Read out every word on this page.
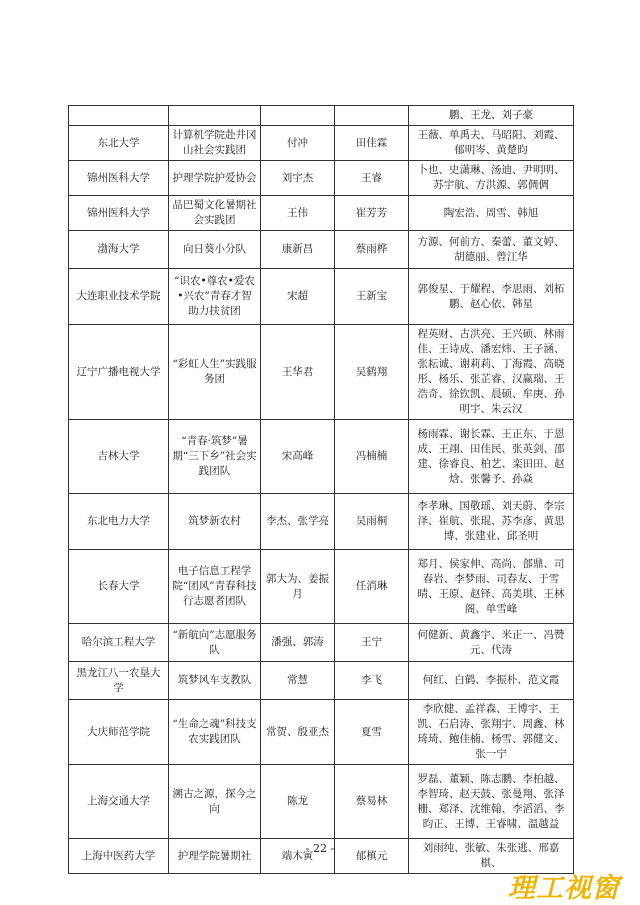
				鹏、王龙、刘子豪
东北大学	计算机学院赴井冈山社会实践团	付冲	田佳霖	王薇、单禹夫、马昭阳、刘霞、郁明岑、黄楚昀
锦州医科大学	护理学院护爱协会	刘宇杰	王睿	卜也、史潇琳、汤迪、尹明明、苏宇航、方洪源、郭倜倜
锦州医科大学	品巴蜀文化暑期社会实践团	王伟	崔芳芳	陶宏浩、周雪、韩旭
渤海大学	向日葵小分队	康新昌	蔡雨桦	方源、何前方、秦蕾、董文婷、胡德丽、曾江华
大连职业技术学院	“识农•尊农•爱农•兴农”青春才智助力扶贫团	宋超	王新宝	郭俊星、于耀程、李思雨、刘柘鹏、赵心依、韩星
辽宁广播电视大学	“彩虹人生”实践服务团	王华君	吴鹤翔	程英财、古洪亮、王兴硕、林雨佳、王诗成、潘宏炜、王子涵、张耘诚、谢莉莉、丁海霞、高晓彤、杨乐、张芷睿、汉赢瑞、王浩奇、徐钦凯、晨硕、牟庚、孙明宇、朱云汉
吉林大学	“青春·筑梦”暑期“三下乡”社会实践团队	宋高峰	冯楠楠	杨雨霖、谢长霖、王正东、于恩成、王翊、田佳民、张英剑、邵建、徐睿良、柏艺、栾田田、赵焓、张馨予、孙焱
东北电力大学	筑梦新农村	李杰、张学亮	吴雨桐	李孝琳、国敬瑶、刘天蔚、李宗泽、崔航、张琨、苏李彦、黄思博、张建业、邱圣明
长春大学	电子信息工程学院“团风”青春科技行志愿者团队	郭大为、姜振月	任消琳	郑月、侯家伸、高尚、郃鼎、司春岩、李梦雨、司春友、于雪晴、王原、赵铎、高美琪、王林阁、单雪峰
哈尔滨工程大学	“新航向”志愿服务队	潘强、郭涛	王宁	何健新、黄鑫宇、米正一、冯赞元、代涛
黑龙江八一农垦大学	筑梦风车支教队	常慧	李飞	何红、白鹤、李振朴、范文霞
大庆师范学院	“生命之魂”科技支农实践团队	常贺、殷亚杰	夏雪	李欣健、孟祥森、王博宇、王凯、石启涛、张翔宇、周鑫、林琦琦、鲍佳楠、杨雪、郭健文、张一宁
上海交通大学	溯古之源，探今之向	陈龙	蔡易林	罗磊、董颖、陈志鹏、李柏越、李智琦、赵天鼓、张曼翔、张泽栅、郑泽、沈维翰、李滔滔、李昀正、王博、王睿啸、温越益
上海中医药大学	护理学院暑期社	端木寅	郁槙元	刘雨纯、张敏、朱张逃、邢嘉棋、
- 22 -
理工视窗
